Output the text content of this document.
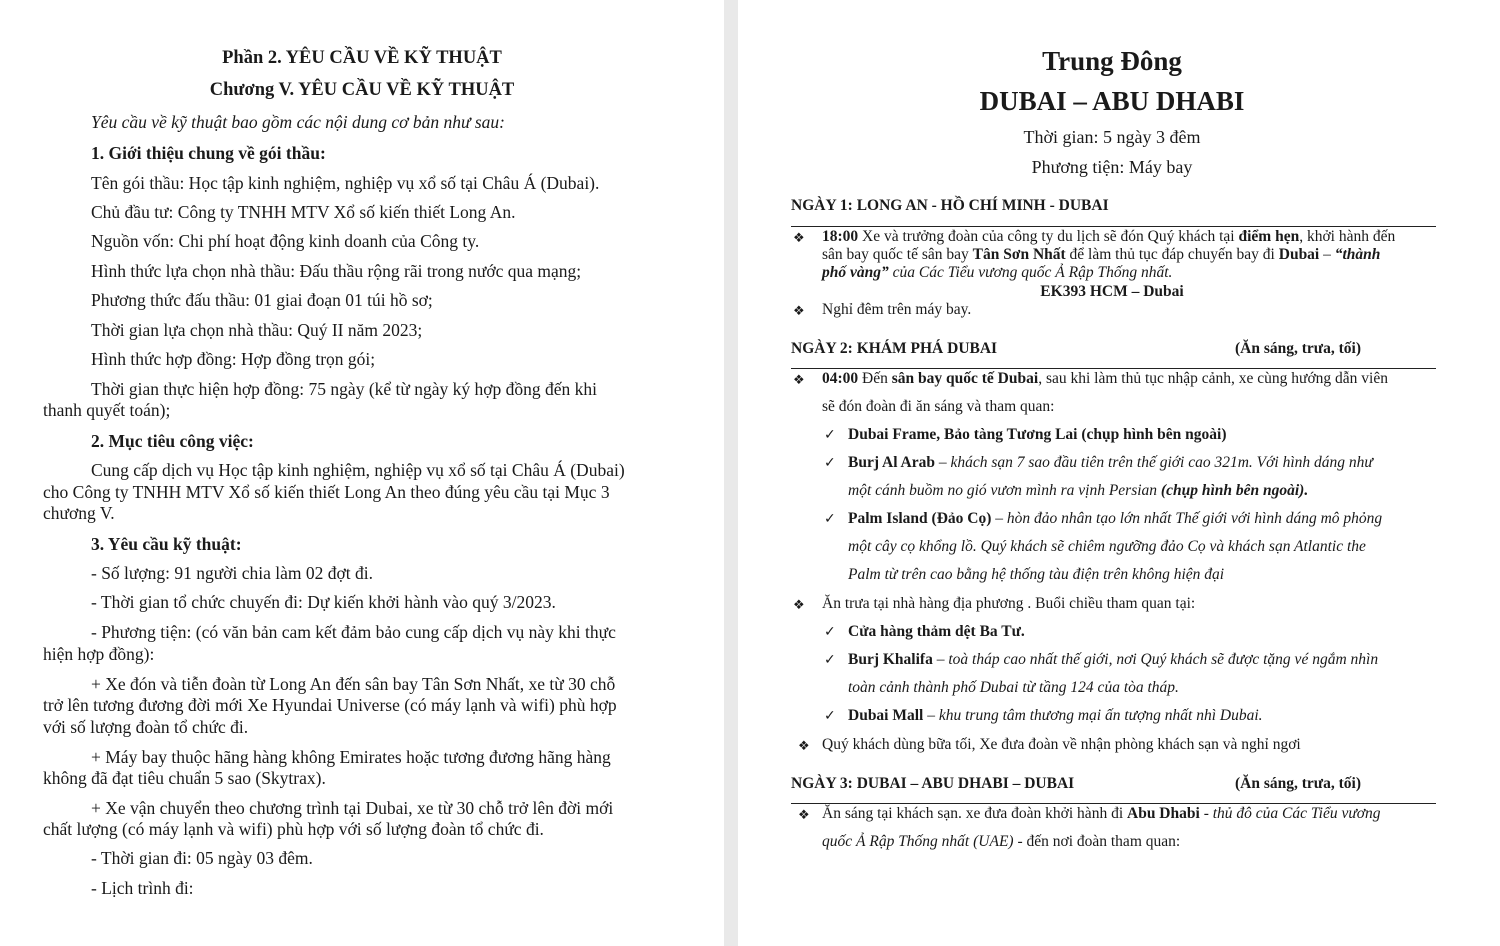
Phần 2. YÊU CẦU VỀ KỸ THUẬT
Chương V. YÊU CẦU VỀ KỸ THUẬT
Yêu cầu về kỹ thuật bao gồm các nội dung cơ bản như sau:
1. Giới thiệu chung về gói thầu:
Tên gói thầu: Học tập kinh nghiệm, nghiệp vụ xổ số tại Châu Á (Dubai).
Chủ đầu tư: Công ty TNHH MTV Xổ số kiến thiết Long An.
Nguồn vốn: Chi phí hoạt động kinh doanh của Công ty.
Hình thức lựa chọn nhà thầu: Đấu thầu rộng rãi trong nước qua mạng;
Phương thức đấu thầu: 01 giai đoạn 01 túi hồ sơ;
Thời gian lựa chọn nhà thầu: Quý II năm 2023;
Hình thức hợp đồng: Hợp đồng trọn gói;
Thời gian thực hiện hợp đồng: 75 ngày (kể từ ngày ký hợp đồng đến khi
thanh quyết toán);
2. Mục tiêu công việc:
Cung cấp dịch vụ Học tập kinh nghiệm, nghiệp vụ xổ số tại Châu Á (Dubai)
cho Công ty TNHH MTV Xổ số kiến thiết Long An theo đúng yêu cầu tại Mục 3
chương V.
3. Yêu cầu kỹ thuật:
- Số lượng: 91 người chia làm 02 đợt đi.
- Thời gian tổ chức chuyến đi: Dự kiến khởi hành vào quý 3/2023.
- Phương tiện: (có văn bản cam kết đảm bảo cung cấp dịch vụ này khi thực
hiện hợp đồng):
+ Xe đón và tiễn đoàn từ Long An đến sân bay Tân Sơn Nhất, xe từ 30 chỗ
trở lên tương đương đời mới Xe Hyundai Universe (có máy lạnh và wifi) phù hợp
với số lượng đoàn tổ chức đi.
+ Máy bay thuộc hãng hàng không Emirates hoặc tương đương hãng hàng
không đã đạt tiêu chuẩn 5 sao (Skytrax).
+ Xe vận chuyển theo chương trình tại Dubai, xe từ 30 chỗ trở lên đời mới
chất lượng (có máy lạnh và wifi) phù hợp với số lượng đoàn tổ chức đi.
- Thời gian đi: 05 ngày 03 đêm.
- Lịch trình đi:
Trung Đông
DUBAI – ABU DHABI
Thời gian: 5 ngày 3 đêm
Phương tiện: Máy bay
NGÀY 1: LONG AN - HỒ CHÍ MINH - DUBAI
❖ 18:00 Xe và trưởng đoàn của công ty du lịch sẽ đón Quý khách tại điểm hẹn, khởi hành đến
sân bay quốc tế sân bay Tân Sơn Nhất để làm thủ tục đáp chuyến bay đi Dubai – “thành
phố vàng” của Các Tiểu vương quốc Ả Rập Thống nhất.
EK393 HCM – Dubai
❖ Nghỉ đêm trên máy bay.
NGÀY 2: KHÁM PHÁ DUBAI	(Ăn sáng, trưa, tối)
❖ 04:00 Đến sân bay quốc tế Dubai, sau khi làm thủ tục nhập cảnh, xe cùng hướng dẫn viên
sẽ đón đoàn đi ăn sáng và tham quan:
✓ Dubai Frame, Bảo tàng Tương Lai (chụp hình bên ngoài)
✓ Burj Al Arab – khách sạn 7 sao đầu tiên trên thế giới cao 321m. Với hình dáng như
một cánh buồm no gió vươn mình ra vịnh Persian (chụp hình bên ngoài).
✓ Palm Island (Đảo Cọ) – hòn đảo nhân tạo lớn nhất Thế giới với hình dáng mô phỏng
một cây cọ khổng lồ. Quý khách sẽ chiêm ngưỡng đảo Cọ và khách sạn Atlantic the
Palm từ trên cao bằng hệ thống tàu điện trên không hiện đại
❖ Ăn trưa tại nhà hàng địa phương . Buổi chiều tham quan tại:
✓ Cửa hàng thảm dệt Ba Tư.
✓ Burj Khalifa – toà tháp cao nhất thế giới, nơi Quý khách sẽ được tặng vé ngắm nhìn
toàn cảnh thành phố Dubai từ tầng 124 của tòa tháp.
✓ Dubai Mall – khu trung tâm thương mại ấn tượng nhất nhì Dubai.
❖ Quý khách dùng bữa tối, Xe đưa đoàn về nhận phòng khách sạn và nghỉ ngơi
NGÀY 3: DUBAI – ABU DHABI – DUBAI	(Ăn sáng, trưa, tối)
❖ Ăn sáng tại khách sạn. xe đưa đoàn khởi hành đi Abu Dhabi - thủ đô của Các Tiểu vương
quốc Ả Rập Thống nhất (UAE) - đến nơi đoàn tham quan:
